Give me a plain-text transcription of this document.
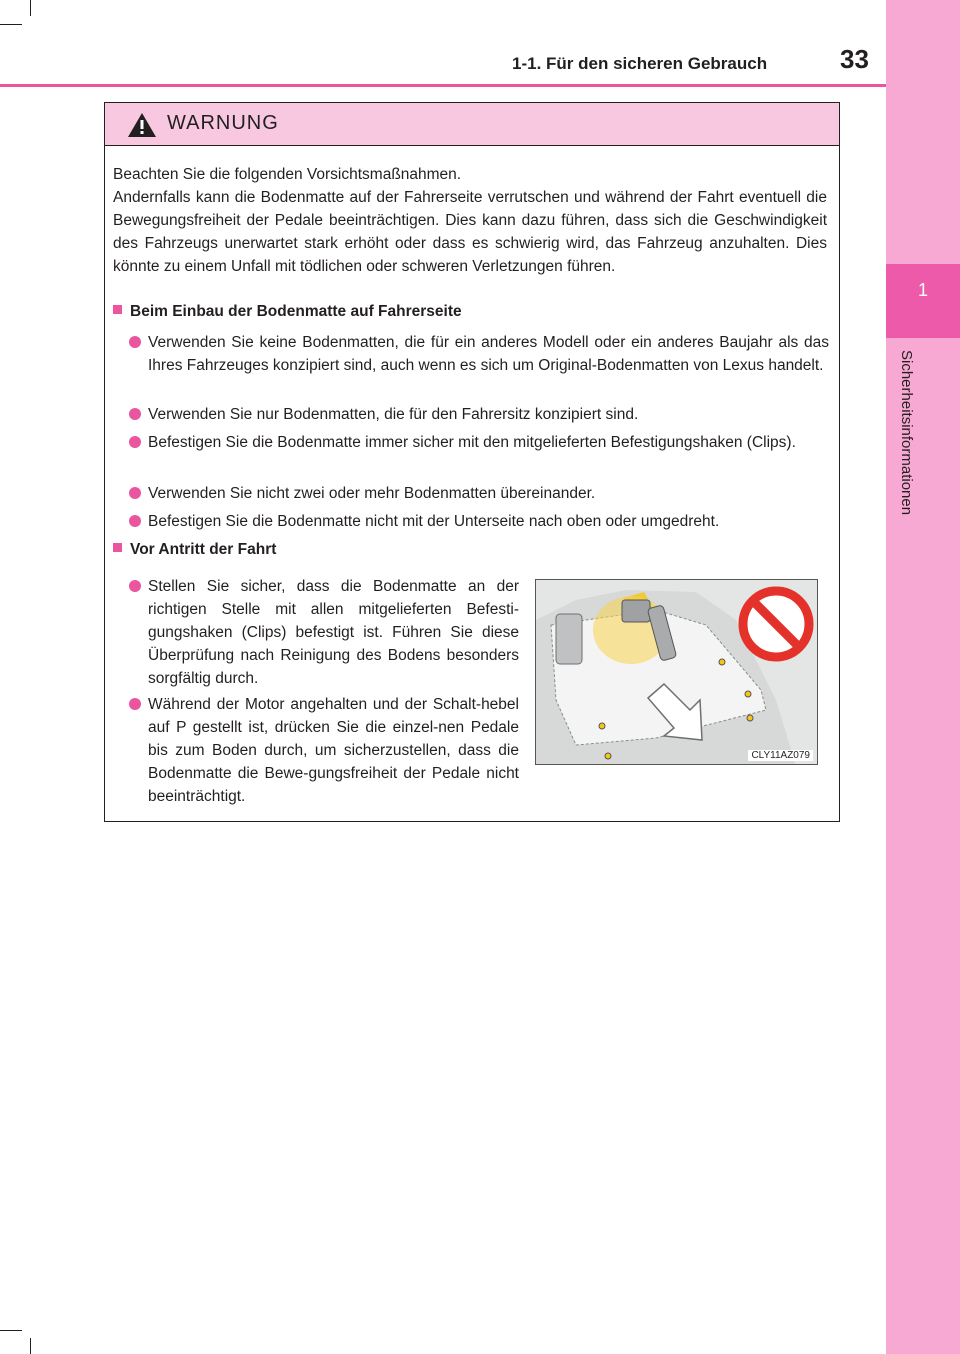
1
Sicherheitsinformationen
1-1. Für den sicheren Gebrauch	33
WARNUNG
Beachten Sie die folgenden Vorsichtsmaßnahmen.
Andernfalls kann die Bodenmatte auf der Fahrerseite verrutschen und während der Fahrt eventuell die Bewegungsfreiheit der Pedale beeinträchtigen. Dies kann dazu führen, dass sich die Geschwindigkeit des Fahrzeugs unerwartet stark erhöht oder dass es schwierig wird, das Fahrzeug anzuhalten. Dies könnte zu einem Unfall mit tödlichen oder schweren Verletzungen führen.
Beim Einbau der Bodenmatte auf Fahrerseite
Verwenden Sie keine Bodenmatten, die für ein anderes Modell oder ein anderes Baujahr als das Ihres Fahrzeuges konzipiert sind, auch wenn es sich um Original-Bodenmatten von Lexus handelt.
Verwenden Sie nur Bodenmatten, die für den Fahrersitz konzipiert sind.
Befestigen Sie die Bodenmatte immer sicher mit den mitgelieferten Befestigungshaken (Clips).
Verwenden Sie nicht zwei oder mehr Bodenmatten übereinander.
Befestigen Sie die Bodenmatte nicht mit der Unterseite nach oben oder umgedreht.
Vor Antritt der Fahrt
Stellen Sie sicher, dass die Bodenmatte an der richtigen Stelle mit allen mitgelieferten Befesti-gungshaken (Clips) befestigt ist. Führen Sie diese Überprüfung nach Reinigung des Bodens besonders sorgfältig durch.
Während der Motor angehalten und der Schalt-hebel auf P gestellt ist, drücken Sie die einzel-nen Pedale bis zum Boden durch, um sicherzustellen, dass die Bodenmatte die Bewe-gungsfreiheit der Pedale nicht beeinträchtigt.
CLY11AZ079
